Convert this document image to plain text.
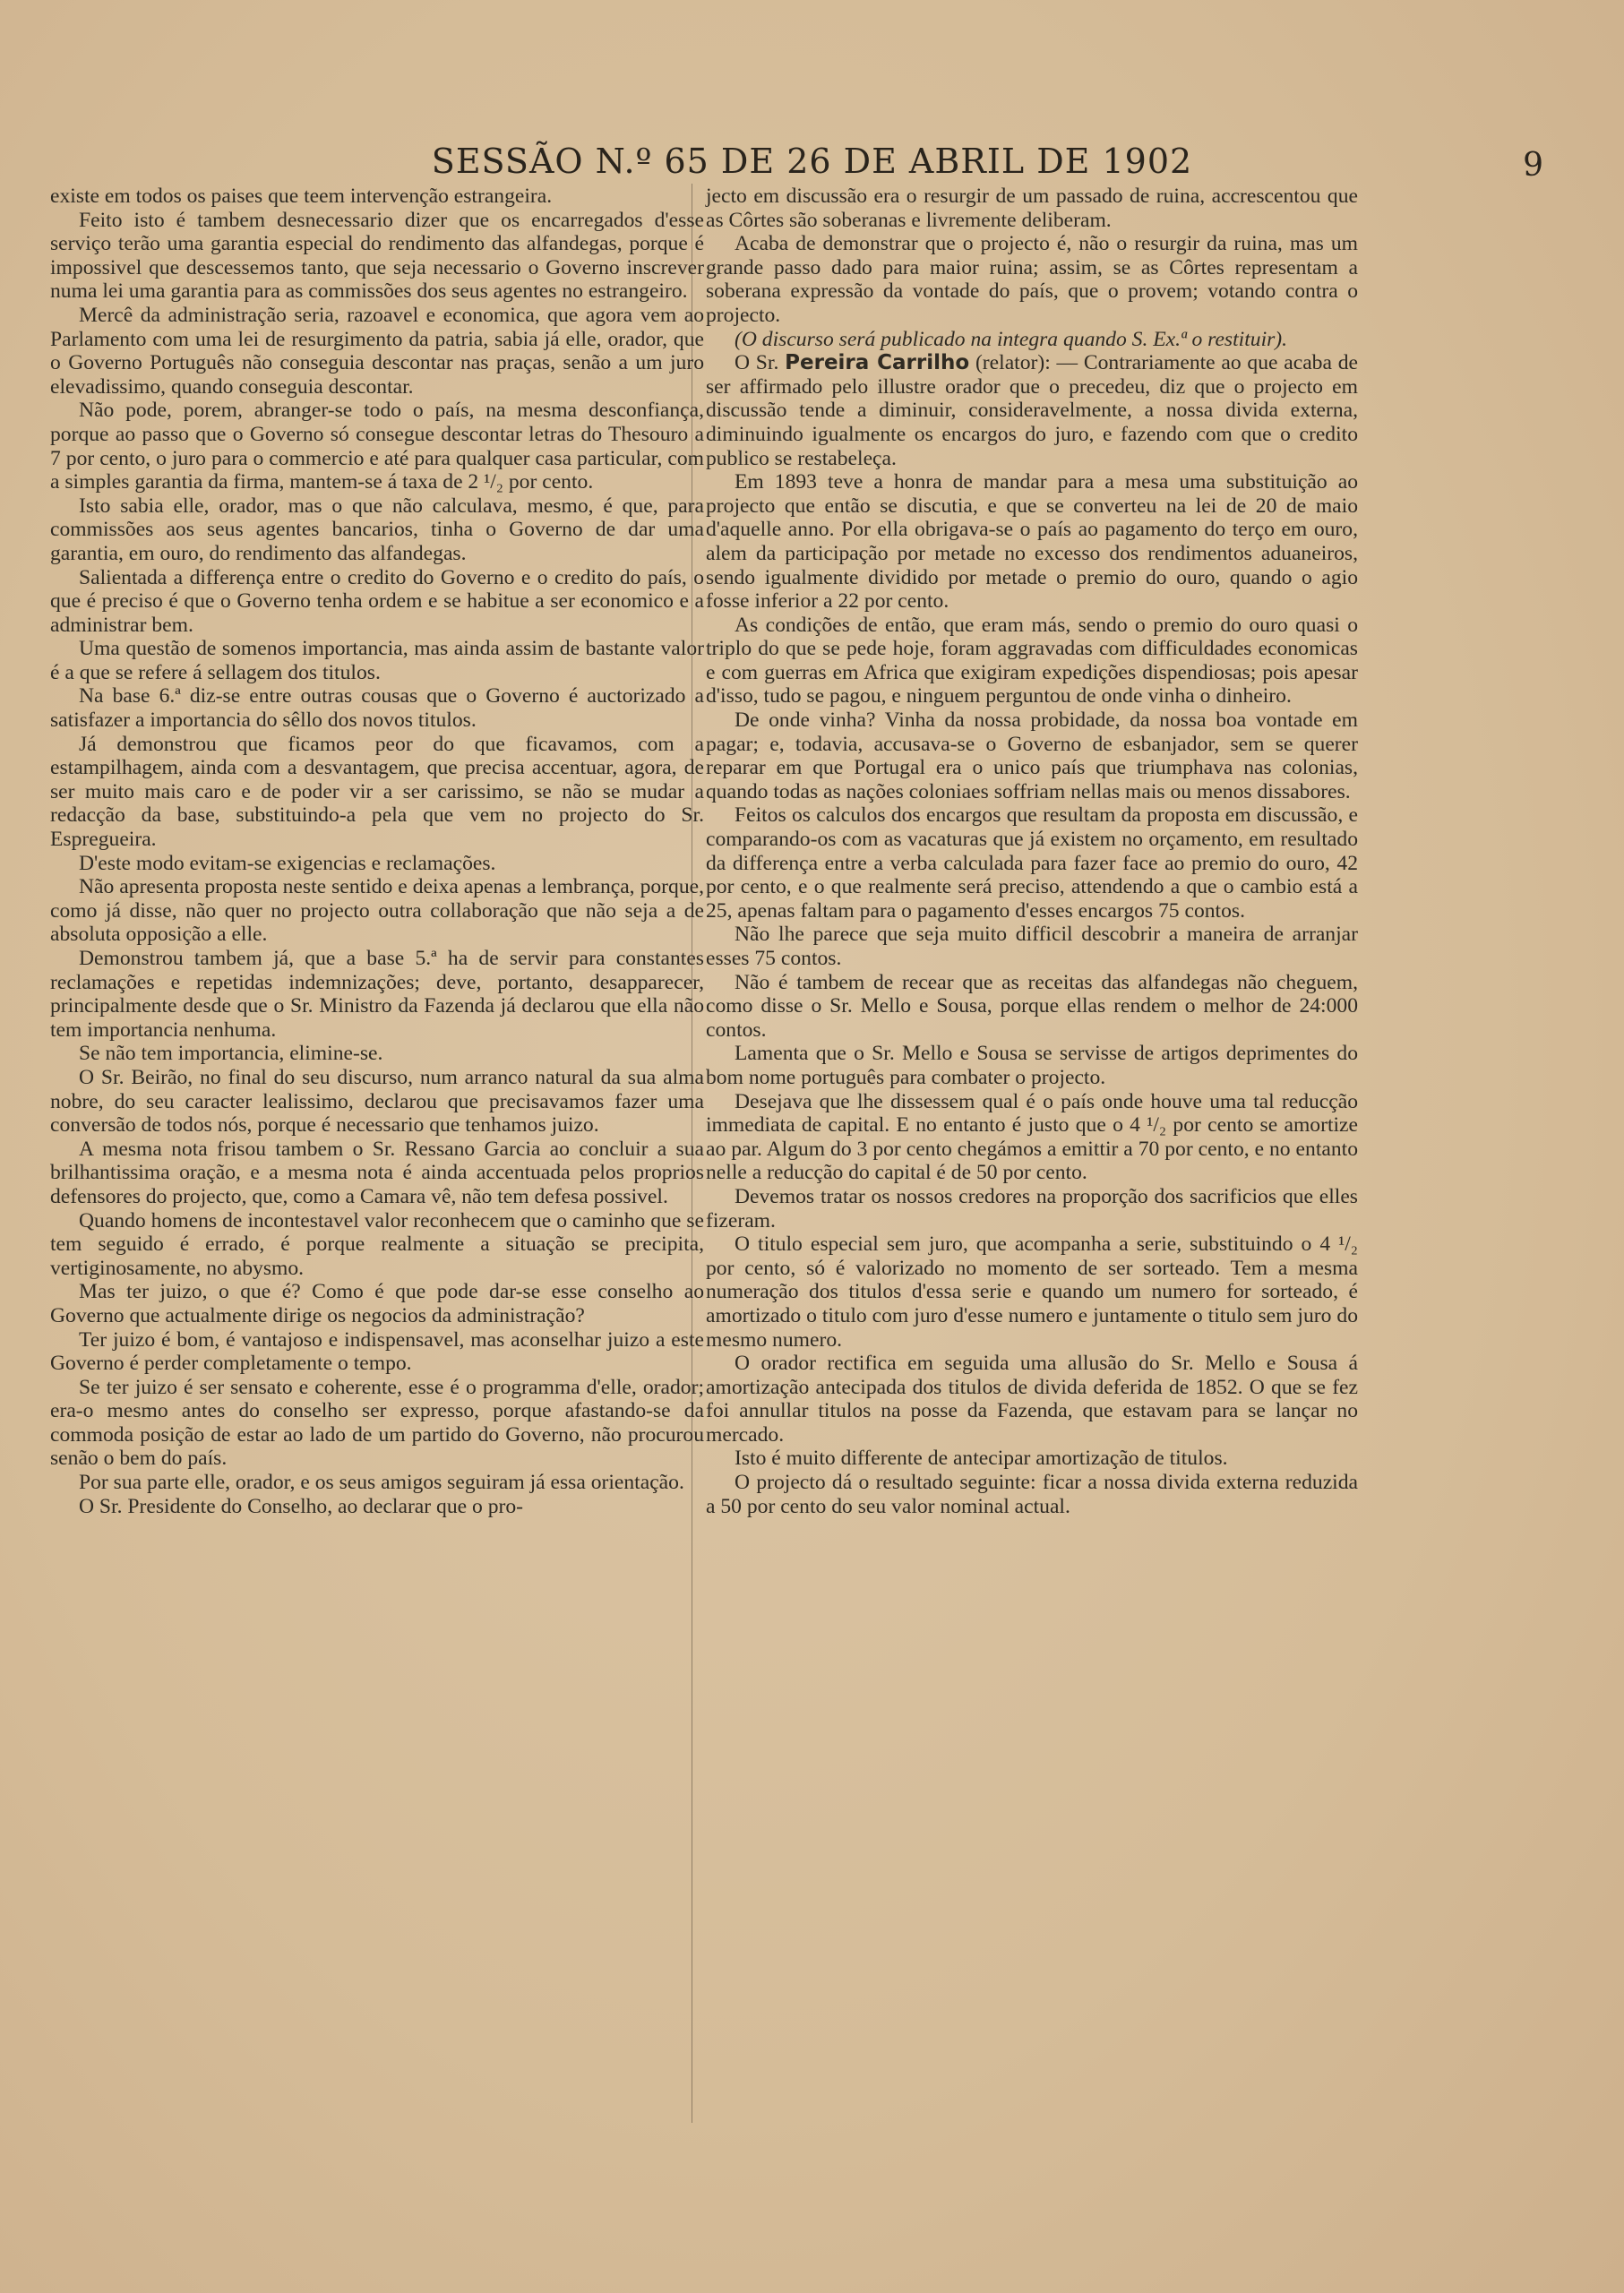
SESSÃO N.º 65 DE 26 DE ABRIL DE 1902	9

existe em todos os paises que teem intervenção estrangeira.

Feito isto é tambem desnecessario dizer que os encarregados d'esse serviço terão uma garantia especial do rendimento das alfandegas, porque é impossivel que descessemos tanto, que seja necessario o Governo inscrever numa lei uma garantia para as commissões dos seus agentes no estrangeiro.

Mercê da administração seria, razoavel e economica, que agora vem ao Parlamento com uma lei de resurgimento da patria, sabia já elle, orador, que o Governo Português não conseguia descontar nas praças, senão a um juro elevadissimo, quando conseguia descontar.

Não pode, porem, abranger-se todo o país, na mesma desconfiança, porque ao passo que o Governo só consegue descontar letras do Thesouro a 7 por cento, o juro para o commercio e até para qualquer casa particular, com a simples garantia da firma, mantem-se á taxa de 2 ¹/₂ por cento.

Isto sabia elle, orador, mas o que não calculava, mesmo, é que, para commissões aos seus agentes bancarios, tinha o Governo de dar uma garantia, em ouro, do rendimento das alfandegas.

Salientada a differença entre o credito do Governo e o credito do país, o que é preciso é que o Governo tenha ordem e se habitue a ser economico e a administrar bem.

Uma questão de somenos importancia, mas ainda assim de bastante valor é a que se refere á sellagem dos titulos.

Na base 6.ª diz-se entre outras cousas que o Governo é auctorizado a satisfazer a importancia do sêllo dos novos titulos.

Já demonstrou que ficamos peor do que ficavamos, com a estampilhagem, ainda com a desvantagem, que precisa accentuar, agora, de ser muito mais caro e de poder vir a ser carissimo, se não se mudar a redacção da base, substituindo-a pela que vem no projecto do Sr. Espregueira.

D'este modo evitam-se exigencias e reclamações.

Não apresenta proposta neste sentido e deixa apenas a lembrança, porque, como já disse, não quer no projecto outra collaboração que não seja a de absoluta opposição a elle.

Demonstrou tambem já, que a base 5.ª ha de servir para constantes reclamações e repetidas indemnizações; deve, portanto, desapparecer, principalmente desde que o Sr. Ministro da Fazenda já declarou que ella não tem importancia nenhuma.

Se não tem importancia, elimine-se.

O Sr. Beirão, no final do seu discurso, num arranco natural da sua alma nobre, do seu caracter lealissimo, declarou que precisavamos fazer uma conversão de todos nós, porque é necessario que tenhamos juizo.

A mesma nota frisou tambem o Sr. Ressano Garcia ao concluir a sua brilhantissima oração, e a mesma nota é ainda accentuada pelos proprios defensores do projecto, que, como a Camara vê, não tem defesa possivel.

Quando homens de incontestavel valor reconhecem que o caminho que se tem seguido é errado, é porque realmente a situação se precipita, vertiginosamente, no abysmo.

Mas ter juizo, o que é? Como é que pode dar-se esse conselho ao Governo que actualmente dirige os negocios da administração?

Ter juizo é bom, é vantajoso e indispensavel, mas aconselhar juizo a este Governo é perder completamente o tempo.

Se ter juizo é ser sensato e coherente, esse é o programma d'elle, orador; era-o mesmo antes do conselho ser expresso, porque afastando-se da commoda posição de estar ao lado de um partido do Governo, não procurou senão o bem do país.

Por sua parte elle, orador, e os seus amigos seguiram já essa orientação.

O Sr. Presidente do Conselho, ao declarar que o pro-

jecto em discussão era o resurgir de um passado de ruina, accrescentou que as Côrtes são soberanas e livremente deliberam.

Acaba de demonstrar que o projecto é, não o resurgir da ruina, mas um grande passo dado para maior ruina; assim, se as Côrtes representam a soberana expressão da vontade do país, que o provem; votando contra o projecto.

(O discurso será publicado na integra quando S. Ex.ª o restituir).

O Sr. Pereira Carrilho (relator): — Contrariamente ao que acaba de ser affirmado pelo illustre orador que o precedeu, diz que o projecto em discussão tende a diminuir, consideravelmente, a nossa divida externa, diminuindo igualmente os encargos do juro, e fazendo com que o credito publico se restabeleça.

Em 1893 teve a honra de mandar para a mesa uma substituição ao projecto que então se discutia, e que se converteu na lei de 20 de maio d'aquelle anno. Por ella obrigava-se o país ao pagamento do terço em ouro, alem da participação por metade no excesso dos rendimentos aduaneiros, sendo igualmente dividido por metade o premio do ouro, quando o agio fosse inferior a 22 por cento.

As condições de então, que eram más, sendo o premio do ouro quasi o triplo do que se pede hoje, foram aggravadas com difficuldades economicas e com guerras em Africa que exigiram expedições dispendiosas; pois apesar d'isso, tudo se pagou, e ninguem perguntou de onde vinha o dinheiro.

De onde vinha? Vinha da nossa probidade, da nossa boa vontade em pagar; e, todavia, accusava-se o Governo de esbanjador, sem se querer reparar em que Portugal era o unico país que triumphava nas colonias, quando todas as nações coloniaes soffriam nellas mais ou menos dissabores.

Feitos os calculos dos encargos que resultam da proposta em discussão, e comparando-os com as vacaturas que já existem no orçamento, em resultado da differença entre a verba calculada para fazer face ao premio do ouro, 42 por cento, e o que realmente será preciso, attendendo a que o cambio está a 25, apenas faltam para o pagamento d'esses encargos 75 contos.

Não lhe parece que seja muito difficil descobrir a maneira de arranjar esses 75 contos.

Não é tambem de recear que as receitas das alfandegas não cheguem, como disse o Sr. Mello e Sousa, porque ellas rendem o melhor de 24:000 contos.

Lamenta que o Sr. Mello e Sousa se servisse de artigos deprimentes do bom nome português para combater o projecto.

Desejava que lhe dissessem qual é o país onde houve uma tal reducção immediata de capital. E no entanto é justo que o 4 ¹/₂ por cento se amortize ao par. Algum do 3 por cento chegámos a emittir a 70 por cento, e no entanto nelle a reducção do capital é de 50 por cento.

Devemos tratar os nossos credores na proporção dos sacrificios que elles fizeram.

O titulo especial sem juro, que acompanha a serie, substituindo o 4 ¹/₂ por cento, só é valorizado no momento de ser sorteado. Tem a mesma numeração dos titulos d'essa serie e quando um numero for sorteado, é amortizado o titulo com juro d'esse numero e juntamente o titulo sem juro do mesmo numero.

O orador rectifica em seguida uma allusão do Sr. Mello e Sousa á amortização antecipada dos titulos de divida deferida de 1852. O que se fez foi annullar titulos na posse da Fazenda, que estavam para se lançar no mercado.

Isto é muito differente de antecipar amortização de titulos.

O projecto dá o resultado seguinte: ficar a nossa divida externa reduzida a 50 por cento do seu valor nominal actual.
